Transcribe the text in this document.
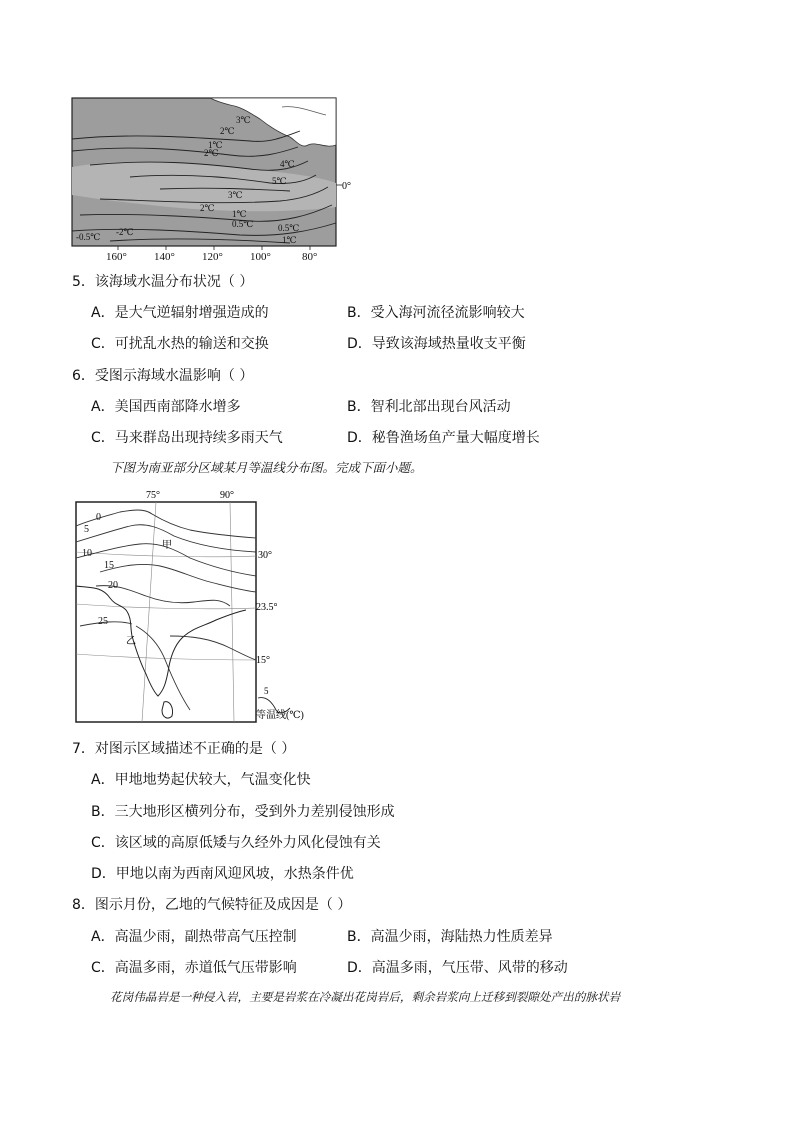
3℃
2℃
1℃
2℃
4℃
5℃
3℃
2℃
1℃
0.5℃
-0.5℃ -2℃	0.5℃
1℃
0°
160° 140° 120° 100°	80°
5．该海域水温分布状况（ ）
A．是大气逆辐射增强造成的	B．受入海河流径流影响较大
C．可扰乱水热的输送和交换	D．导致该海域热量收支平衡
6．受图示海域水温影响（ ）
A．美国西南部降水增多	B．智利北部出现台风活动
C．马来群岛出现持续多雨天气	D．秘鲁渔场鱼产量大幅度增长
下图为南亚部分区域某月等温线分布图。完成下面小题。
75°	90°
30°
23.5°
15°
0
5
10
15
20
25
甲
乙
5
等温线(℃)
7．对图示区域描述不正确的是（ ）
A．甲地地势起伏较大，气温变化快
B．三大地形区横列分布，受到外力差别侵蚀形成
C．该区域的高原低矮与久经外力风化侵蚀有关
D．甲地以南为西南风迎风坡，水热条件优
8．图示月份，乙地的气候特征及成因是（ ）
A．高温少雨，副热带高气压控制	B．高温少雨，海陆热力性质差异
C．高温多雨，赤道低气压带影响	D．高温多雨，气压带、风带的移动
花岗伟晶岩是一种侵入岩，主要是岩浆在冷凝出花岗岩后，剩余岩浆向上迁移到裂隙处产出的脉状岩
